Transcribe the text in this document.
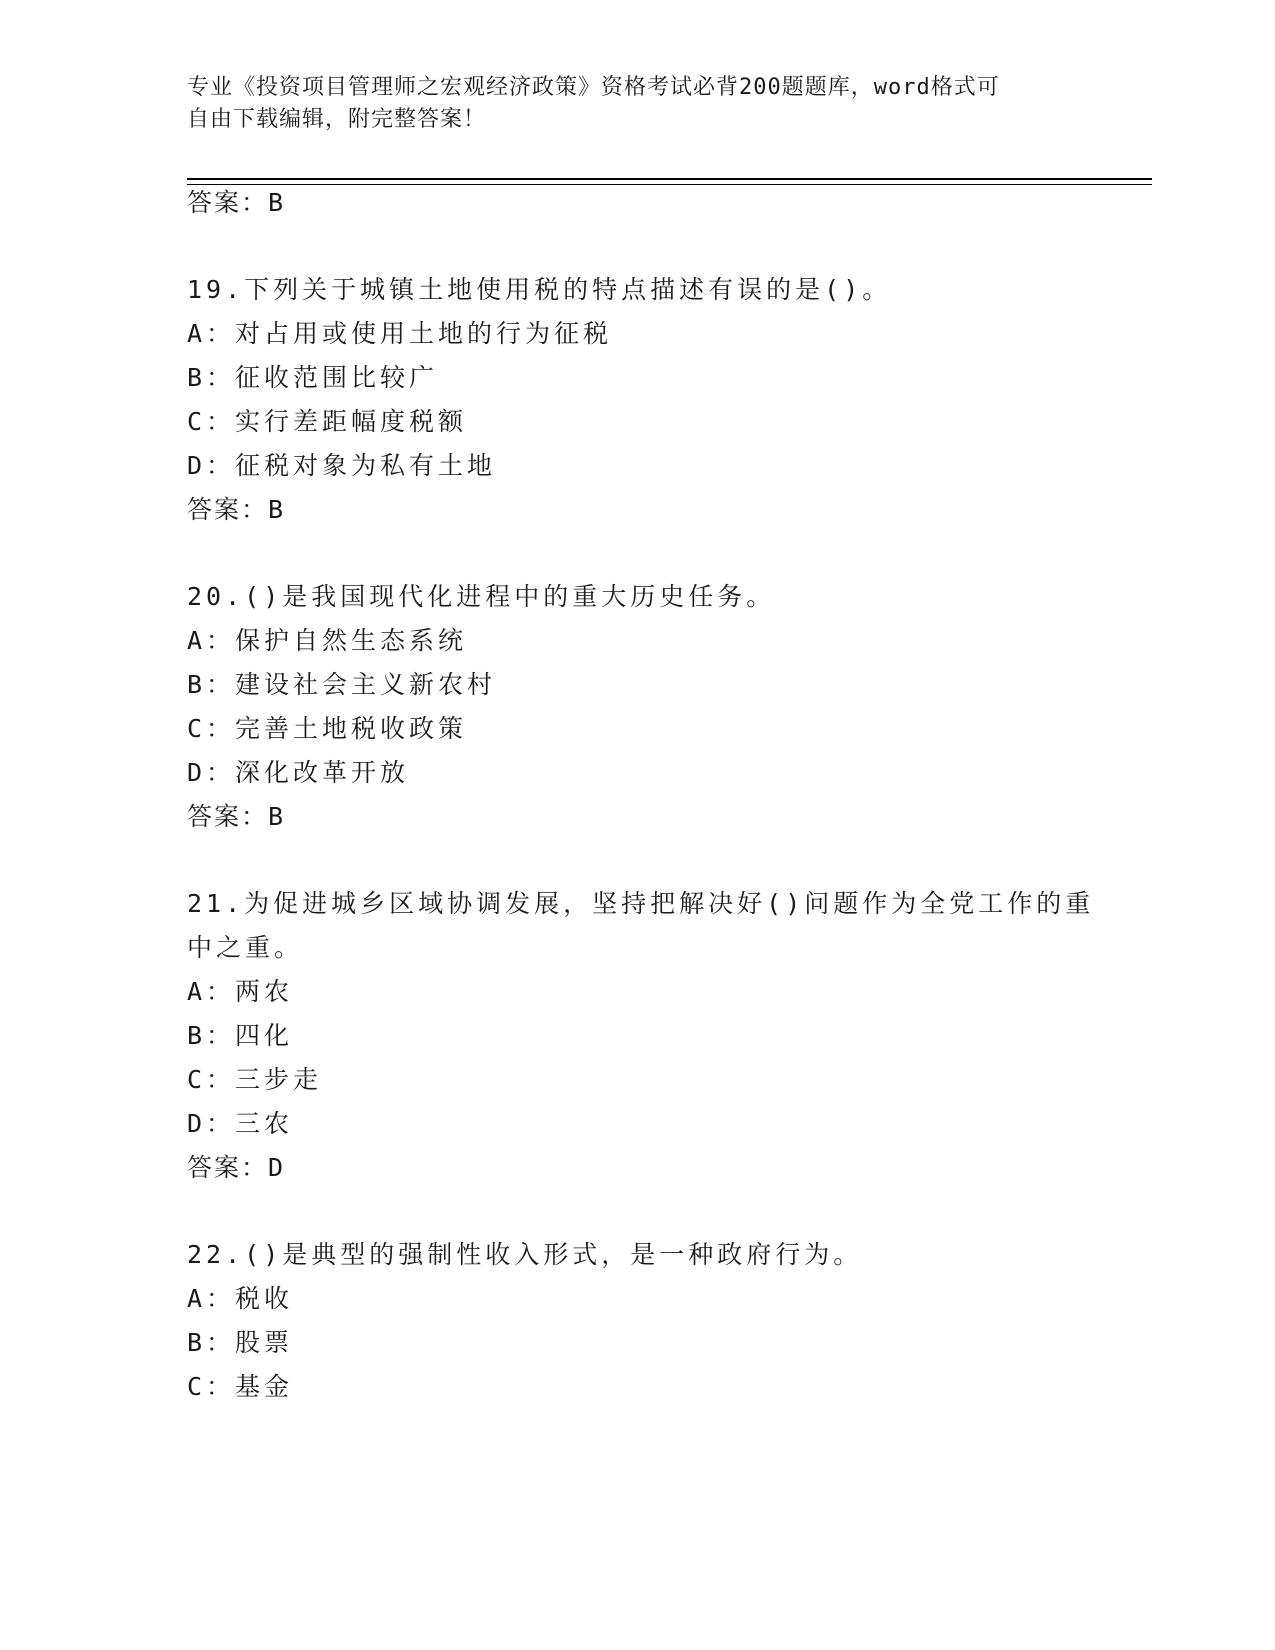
专业《投资项目管理师之宏观经济政策》资格考试必背200题题库，word格式可
自由下载编辑，附完整答案！
答案：B
19.下列关于城镇土地使用税的特点描述有误的是()。
A：对占用或使用土地的行为征税
B：征收范围比较广
C：实行差距幅度税额
D：征税对象为私有土地
答案：B
20.()是我国现代化进程中的重大历史任务。
A：保护自然生态系统
B：建设社会主义新农村
C：完善土地税收政策
D：深化改革开放
答案：B
21.为促进城乡区域协调发展，坚持把解决好()问题作为全党工作的重
中之重。
A：两农
B：四化
C：三步走
D：三农
答案：D
22.()是典型的强制性收入形式，是一种政府行为。
A：税收
B：股票
C：基金
